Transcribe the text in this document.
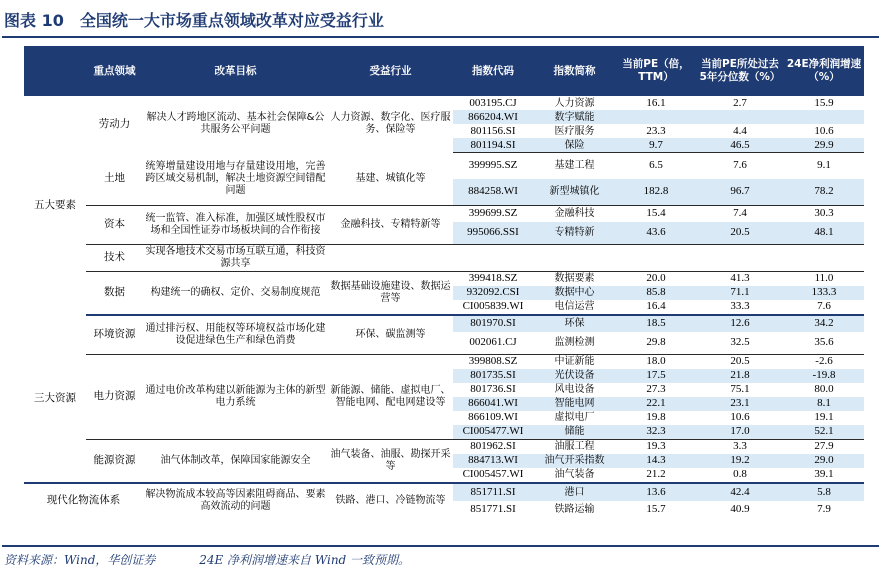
图表 10　全国统一大市场重点领域改革对应受益行业
	重点领域	改革目标	受益行业	指数代码	指数简称	当前PE（倍，TTM）	当前PE所处过去5年分位数（%）	24E净利润增速（%）
五大要素	劳动力	解决人才跨地区流动、基本社会保障&公共服务公平问题	人力资源、数字化、医疗服务、保险等	003195.CJ	人力资源	16.1	2.7	15.9
				866204.WI	数字赋能			
				801156.SI	医疗服务	23.3	4.4	10.6
				801194.SI	保险	9.7	46.5	29.9
	土地	统筹增量建设用地与存量建设用地，完善跨区域交易机制，解决土地资源空间错配问题	基建、城镇化等	399995.SZ	基建工程	6.5	7.6	9.1
				884258.WI	新型城镇化	182.8	96.7	78.2
	资本	统一监管、准入标准，加强区域性股权市场和全国性证券市场板块间的合作衔接	金融科技、专精特新等	399699.SZ	金融科技	15.4	7.4	30.3
				995066.SSI	专精特新	43.6	20.5	48.1
	技术	实现各地技术交易市场互联互通，科技资源共享						
	数据	构建统一的确权、定价、交易制度规范	数据基础设施建设、数据运营等	399418.SZ	数据要素	20.0	41.3	11.0
				932092.CSI	数据中心	85.8	71.1	133.3
				CI005839.WI	电信运营	16.4	33.3	7.6
三大资源	环境资源	通过排污权、用能权等环境权益市场化建设促进绿色生产和绿色消费	环保、碳监测等	801970.SI	环保	18.5	12.6	34.2
				002061.CJ	监测检测	29.8	32.5	35.6
	电力资源	通过电价改革构建以新能源为主体的新型电力系统	新能源、储能、虚拟电厂、智能电网、配电网建设等	399808.SZ	中证新能	18.0	20.5	-2.6
				801735.SI	光伏设备	17.5	21.8	-19.8
				801736.SI	风电设备	27.3	75.1	80.0
				866041.WI	智能电网	22.1	23.1	8.1
				866109.WI	虚拟电厂	19.8	10.6	19.1
				CI005477.WI	储能	32.3	17.0	52.1
	能源资源	油气体制改革，保障国家能源安全	油气装备、油服、勘探开采等	801962.SI	油服工程	19.3	3.3	27.9
				884713.WI	油气开采指数	14.3	19.2	29.0
				CI005457.WI	油气装备	21.2	0.8	39.1
现代化物流体系		解决物流成本较高等因素阻碍商品、要素高效流动的问题	铁路、港口、冷链物流等	851711.SI	港口	13.6	42.4	5.8
				851771.SI	铁路运输	15.7	40.9	7.9
资料来源：Wind，华创证券	24E 净利润增速来自 Wind 一致预期。
